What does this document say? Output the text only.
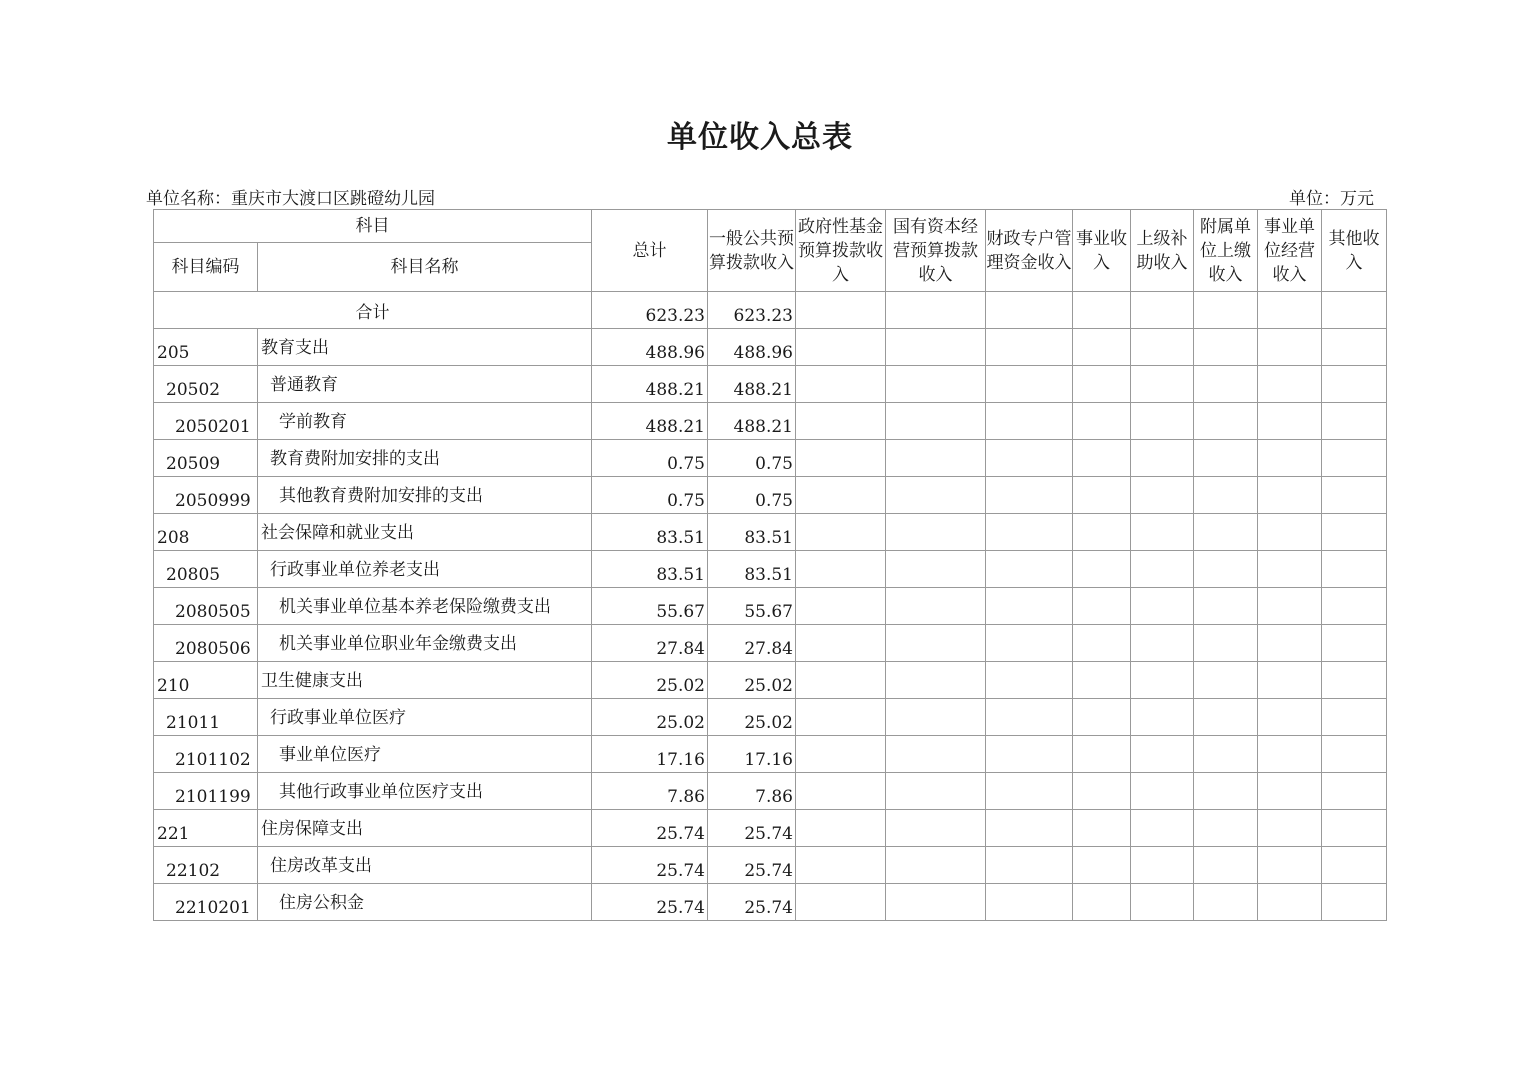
单位收入总表
单位名称：重庆市大渡口区跳磴幼儿园	单位：万元
科目		总计	一般公共预算拨款收入	政府性基金预算拨款收入	国有资本经营预算拨款收入	财政专户管理资金收入	事业收入	上级补助收入	附属单位上缴收入	事业单位经营收入	其他收入
科目编码	科目名称										
合计		623.23	623.23								
205	教育支出	488.96	488.96								
20502	普通教育	488.21	488.21								
2050201	学前教育	488.21	488.21								
20509	教育费附加安排的支出	0.75	0.75								
2050999	其他教育费附加安排的支出	0.75	0.75								
208	社会保障和就业支出	83.51	83.51								
20805	行政事业单位养老支出	83.51	83.51								
2080505	机关事业单位基本养老保险缴费支出	55.67	55.67								
2080506	机关事业单位职业年金缴费支出	27.84	27.84								
210	卫生健康支出	25.02	25.02								
21011	行政事业单位医疗	25.02	25.02								
2101102	事业单位医疗	17.16	17.16								
2101199	其他行政事业单位医疗支出	7.86	7.86								
221	住房保障支出	25.74	25.74								
22102	住房改革支出	25.74	25.74								
2210201	住房公积金	25.74	25.74								
